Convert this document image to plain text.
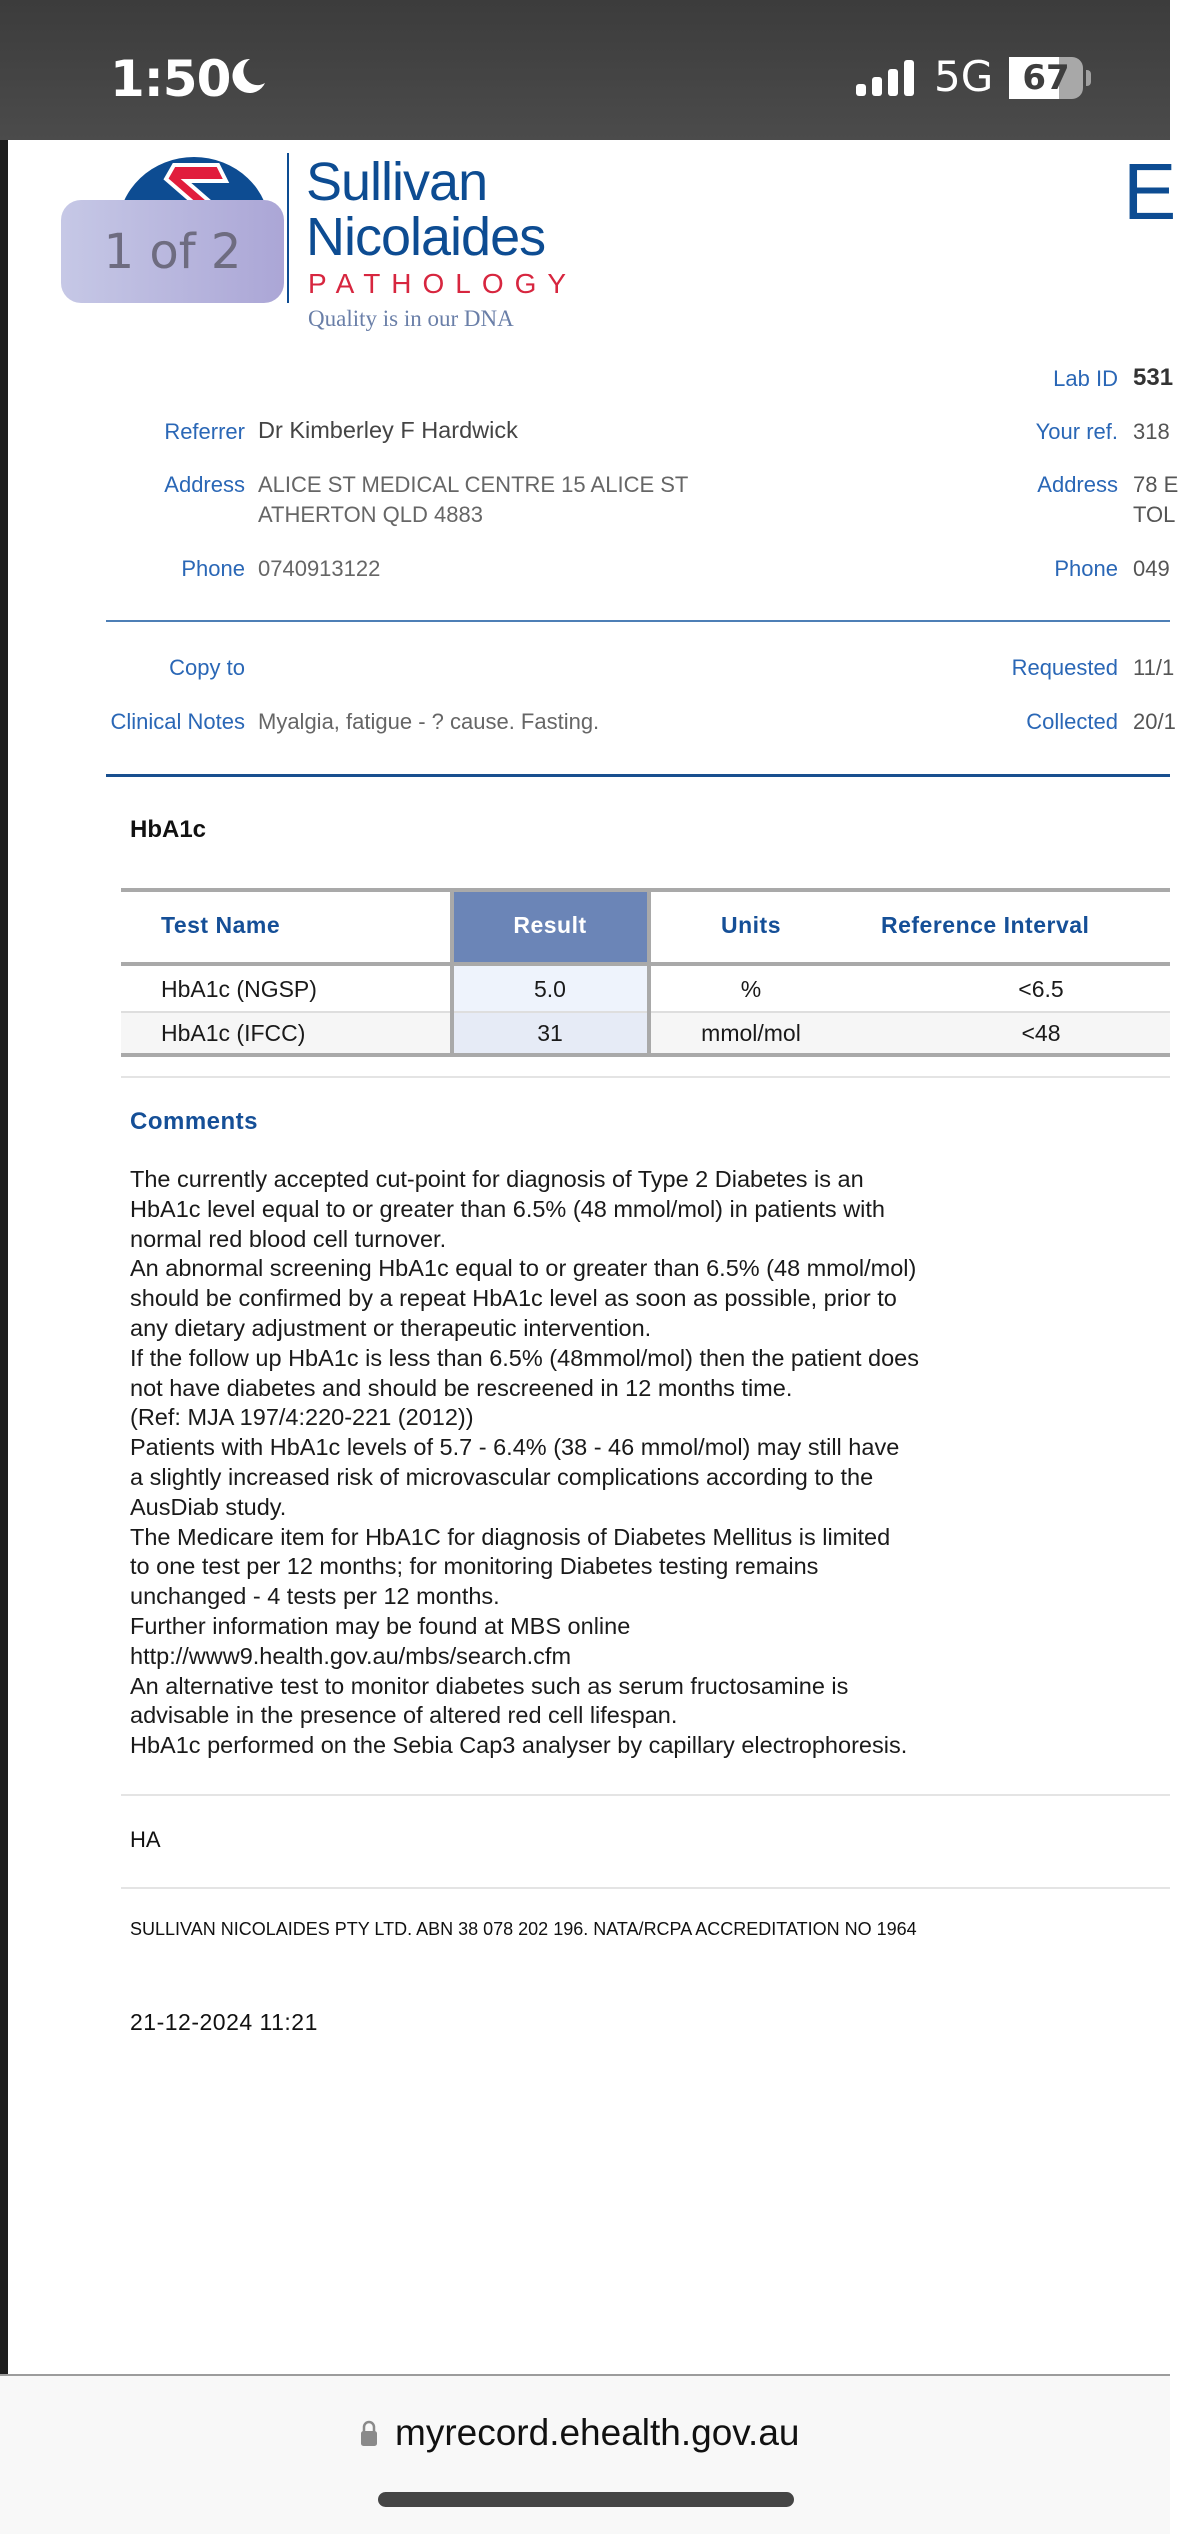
1:50	5G 67
Sullivan
Nicolaides
PATHOLOGY
Quality is in our DNA
1 of 2
E
Lab ID 531
Your ref. 318
Address 78 E
TOL
Phone 049
Requested 11/1
Collected 20/1
Referrer Dr Kimberley F Hardwick
Address ALICE ST MEDICAL CENTRE 15 ALICE ST
ATHERTON QLD 4883
Phone 0740913122
Copy to
Clinical Notes Myalgia, fatigue - ? cause. Fasting.
HbA1c
Test Name	Result	Units	Reference Interval
HbA1c (NGSP)	5.0	%	<6.5
HbA1c (IFCC)	31	mmol/mol	<48
Comments
The currently accepted cut-point for diagnosis of Type 2 Diabetes is an
HbA1c level equal to or greater than 6.5% (48 mmol/mol) in patients with
normal red blood cell turnover.
An abnormal screening HbA1c equal to or greater than 6.5% (48 mmol/mol)
should be confirmed by a repeat HbA1c level as soon as possible, prior to
any dietary adjustment or therapeutic intervention.
If the follow up HbA1c is less than 6.5% (48mmol/mol) then the patient does
not have diabetes and should be rescreened in 12 months time.
(Ref: MJA 197/4:220-221 (2012))
Patients with HbA1c levels of 5.7 - 6.4% (38 - 46 mmol/mol) may still have
a slightly increased risk of microvascular complications according to the
AusDiab study.
The Medicare item for HbA1C for diagnosis of Diabetes Mellitus is limited
to one test per 12 months; for monitoring Diabetes testing remains
unchanged - 4 tests per 12 months.
Further information may be found at MBS online
http://www9.health.gov.au/mbs/search.cfm
An alternative test to monitor diabetes such as serum fructosamine is
advisable in the presence of altered red cell lifespan.
HbA1c performed on the Sebia Cap3 analyser by capillary electrophoresis.
HA
SULLIVAN NICOLAIDES PTY LTD. ABN 38 078 202 196. NATA/RCPA ACCREDITATION NO 1964
21-12-2024 11:21
myrecord.ehealth.gov.au
